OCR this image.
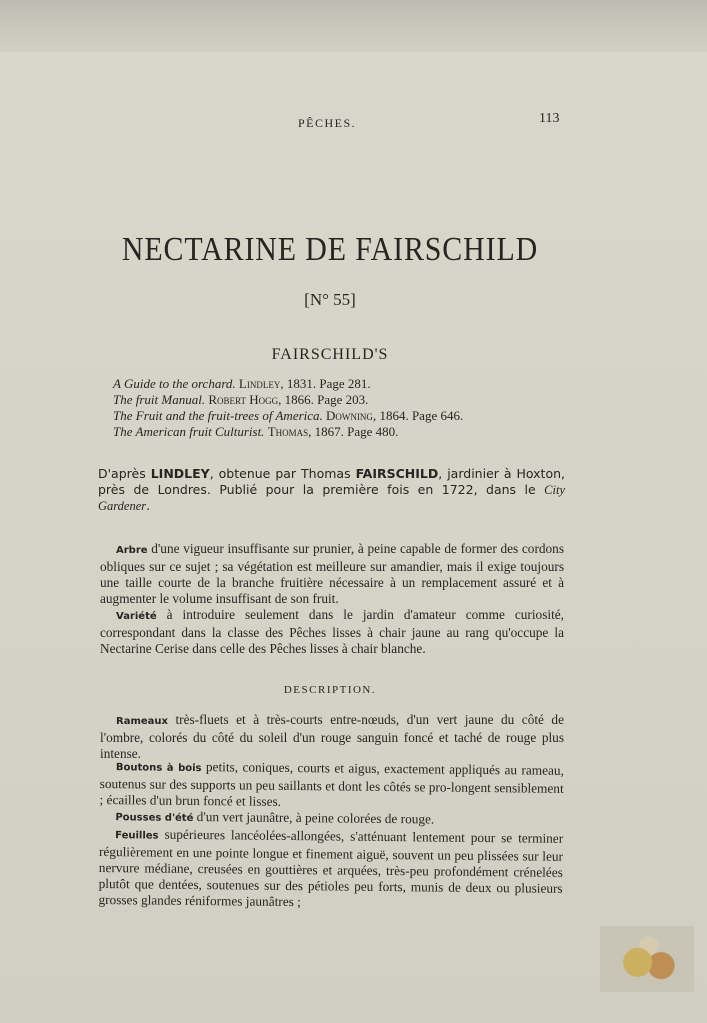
PÊCHES.	113
NECTARINE DE FAIRSCHILD
[N° 55]
FAIRSCHILD'S
A Guide to the orchard. Lindley, 1831. Page 281.
The fruit Manual. Robert Hogg, 1866. Page 203.
The Fruit and the fruit-trees of America. Downing, 1864. Page 646.
The American fruit Culturist. Thomas, 1867. Page 480.
D'après LINDLEY, obtenue par Thomas FAIRSCHILD, jardinier à Hoxton, près de Londres. Publié pour la première fois en 1722, dans le City Gardener.
Arbre d'une vigueur insuffisante sur prunier, à peine capable de former des cordons obliques sur ce sujet ; sa végétation est meilleure sur amandier, mais il exige toujours une taille courte de la branche fruitière nécessaire à un remplacement assuré et à augmenter le volume insuffisant de son fruit.
Variété à introduire seulement dans le jardin d'amateur comme curiosité, correspondant dans la classe des Pêches lisses à chair jaune au rang qu'occupe la Nectarine Cerise dans celle des Pêches lisses à chair blanche.
DESCRIPTION.
Rameaux très-fluets et à très-courts entre-nœuds, d'un vert jaune du côté de l'ombre, colorés du côté du soleil d'un rouge sanguin foncé et taché de rouge plus intense.
Boutons à bois petits, coniques, courts et aigus, exactement appliqués au rameau, soutenus sur des supports un peu saillants et dont les côtés se pro-longent sensiblement ; écailles d'un brun foncé et lisses.
Pousses d'été d'un vert jaunâtre, à peine colorées de rouge.
Feuilles supérieures lancéolées-allongées, s'atténuant lentement pour se terminer régulièrement en une pointe longue et finement aiguë, souvent un peu plissées sur leur nervure médiane, creusées en gouttières et arquées, très-peu profondément crénelées plutôt que dentées, soutenues sur des pétioles peu forts, munis de deux ou plusieurs grosses glandes réniformes jaunâtres ;
